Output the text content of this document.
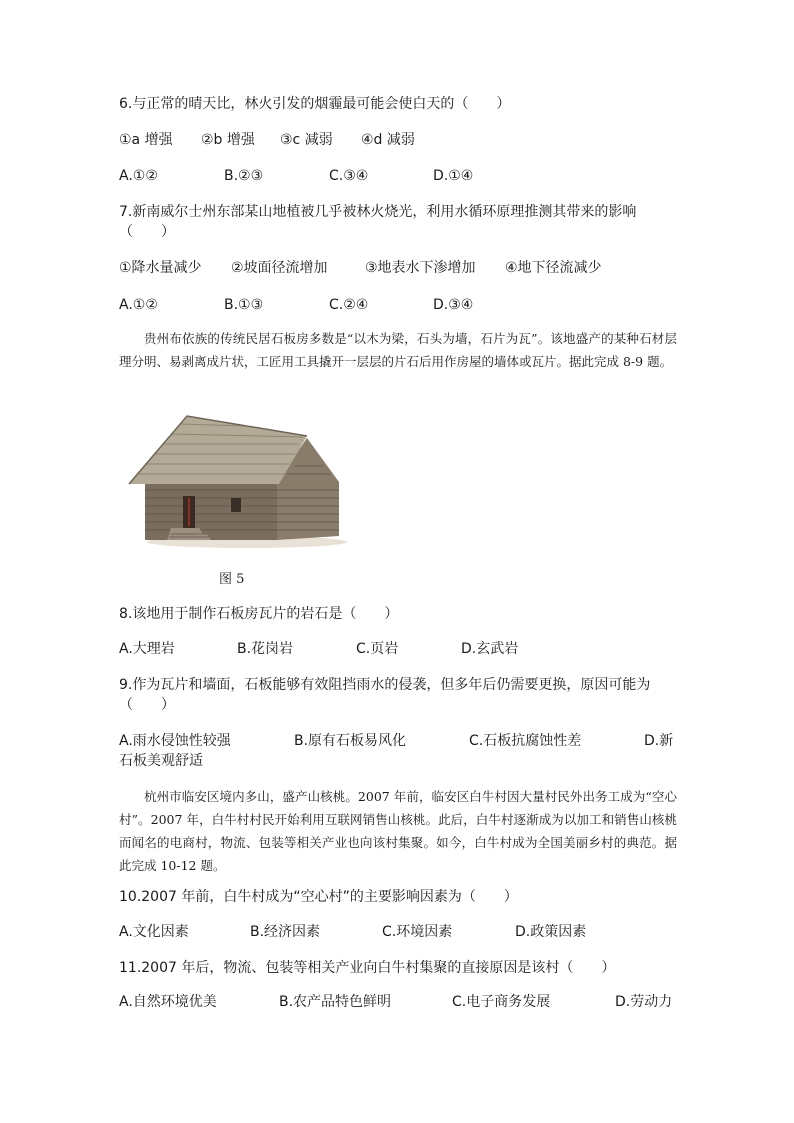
6.与正常的晴天比，林火引发的烟霾最可能会使白天的（　　）
①a 增强 ②b 增强 ③c 减弱 ④d 减弱
A.①②	B.②③	C.③④	D.①④
7.新南威尔士州东部某山地植被几乎被林火烧光，利用水循环原理推测其带来的影响
（　　）
①降水量减少 ②坡面径流增加	③地表水下渗增加 ④地下径流减少
A.①②	B.①③	C.②④	D.③④

贵州布依族的传统民居石板房多数是“以木为梁，石头为墙，石片为瓦”。该地盛产的某种石材层理分明、易剥离成片状，工匠用工具撬开一层层的片石后用作房屋的墙体或瓦片。据此完成 8-9 题。

图 5
8.该地用于制作石板房瓦片的岩石是（　　）
A.大理岩	B.花岗岩	C.页岩	D.玄武岩
9.作为瓦片和墙面，石板能够有效阻挡雨水的侵袭，但多年后仍需要更换，原因可能为
（　　）
A.雨水侵蚀性较强	B.原有石板易风化	C.石板抗腐蚀性差	D.新
石板美观舒适

杭州市临安区境内多山，盛产山核桃。2007 年前，临安区白牛村因大量村民外出务工成为“空心村”。2007 年，白牛村村民开始利用互联网销售山核桃。此后，白牛村逐渐成为以加工和销售山核桃而闻名的电商村，物流、包装等相关产业也向该村集聚。如今，白牛村成为全国美丽乡村的典范。据此完成 10-12 题。

10.2007 年前，白牛村成为“空心村”的主要影响因素为（　　）
A.文化因素	B.经济因素	C.环境因素	D.政策因素
11.2007 年后，物流、包装等相关产业向白牛村集聚的直接原因是该村（　　）
A.自然环境优美	B.农产品特色鲜明	C.电子商务发展	D.劳动力
